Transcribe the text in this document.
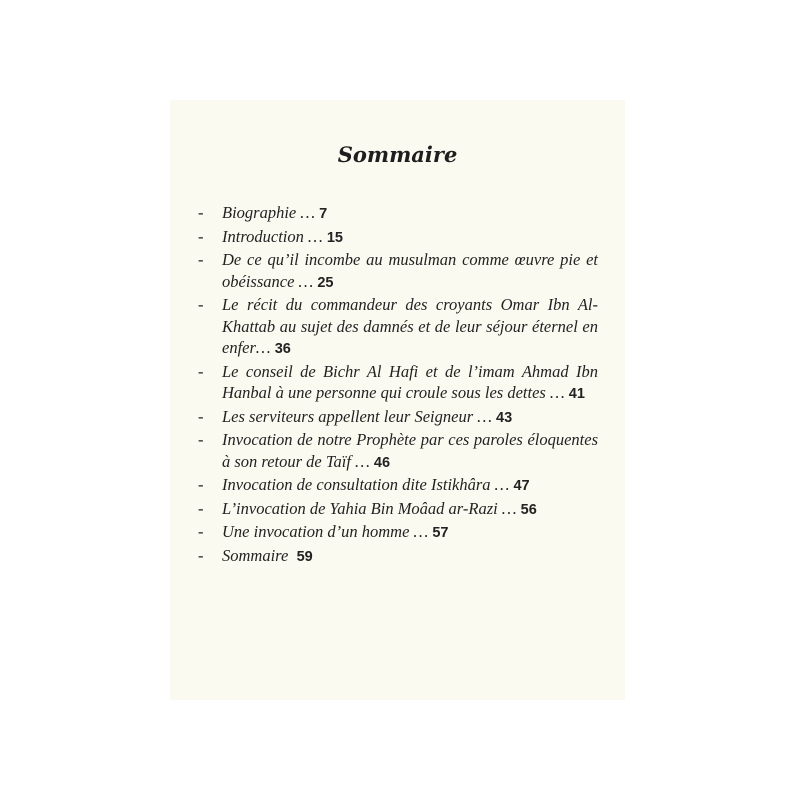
Sommaire
- Biographie … 7
- Introduction … 15
- De ce qu’il incombe au musulman comme œuvre pie et obéissance … 25
- Le récit du commandeur des croyants Omar Ibn Al-Khattab au sujet des damnés et de leur séjour éternel en enfer… 36
- Le conseil de Bichr Al Hafi et de l’imam Ahmad Ibn Hanbal à une personne qui croule sous les dettes … 41
- Les serviteurs appellent leur Seigneur … 43
- Invocation de notre Prophète par ces paroles éloquentes à son retour de Taïf … 46
- Invocation de consultation dite Istikhâra … 47
- L’invocation de Yahia Bin Moâad ar-Razi … 56
- Une invocation d’un homme … 57
- Sommaire 59
